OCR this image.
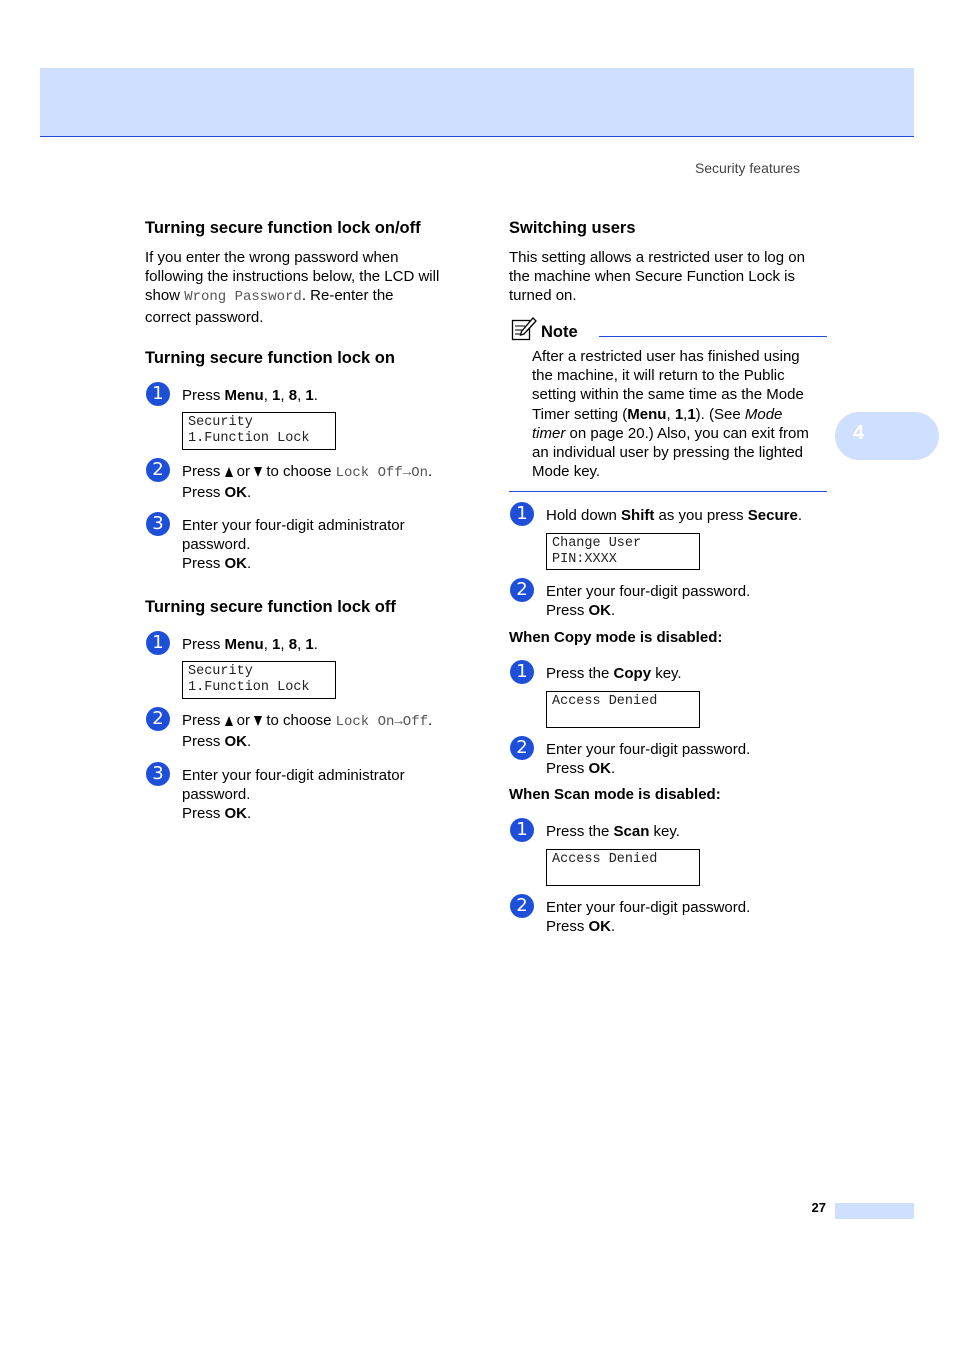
Security features
4
27
Turning secure function lock on/off
If you enter the wrong password when
following the instructions below, the LCD will
show Wrong Password. Re-enter the
correct password.
Turning secure function lock on
1	Press Menu, 1, 8, 1.
Security
1.Function Lock
2	Press  or  to choose Lock Off→On.
Press OK.
3	Enter your four-digit administrator
password.
Press OK.
Turning secure function lock off
1	Press Menu, 1, 8, 1.
Security
1.Function Lock
2	Press  or  to choose Lock On→Off.
Press OK.
3	Enter your four-digit administrator
password.
Press OK.
Switching users
This setting allows a restricted user to log on
the machine when Secure Function Lock is
turned on.
Note
After a restricted user has finished using
the machine, it will return to the Public
setting within the same time as the Mode
Timer setting (Menu, 1,1). (See Mode
timer on page 20.) Also, you can exit from
an individual user by pressing the lighted
Mode key.
1	Hold down Shift as you press Secure.
Change User
PIN:XXXX
2	Enter your four-digit password.
Press OK.
When Copy mode is disabled:
1	Press the Copy key.
Access Denied

2	Enter your four-digit password.
Press OK.
When Scan mode is disabled:
1	Press the Scan key.
Access Denied

2	Enter your four-digit password.
Press OK.
